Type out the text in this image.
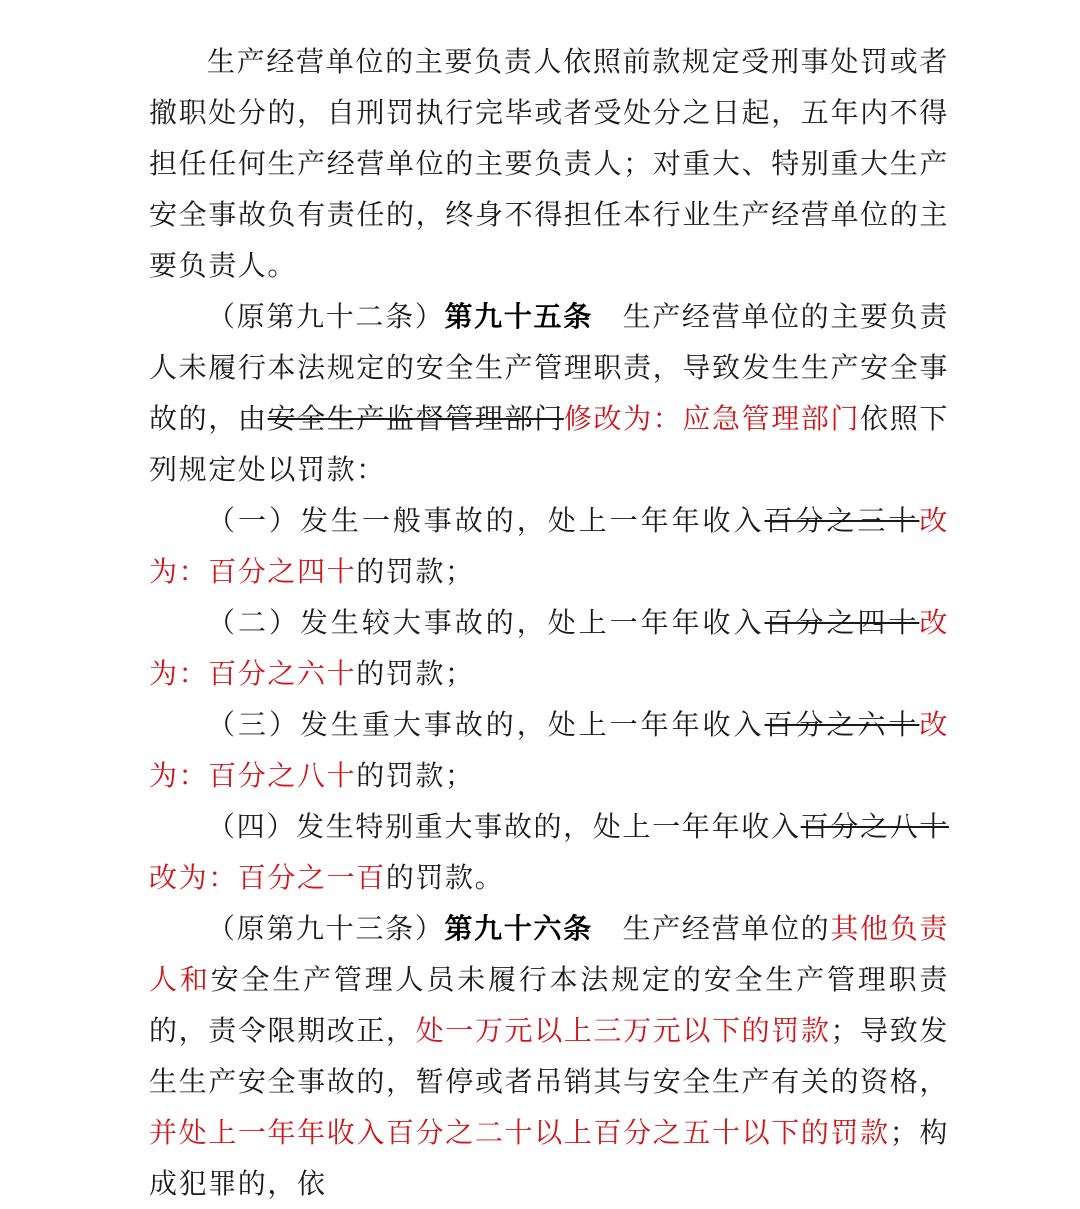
生产经营单位的主要负责人依照前款规定受刑事处罚或者撤职处分的，自刑罚执行完毕或者受处分之日起，五年内不得担任任何生产经营单位的主要负责人；对重大、特别重大生产安全事故负有责任的，终身不得担任本行业生产经营单位的主要负责人。

（原第九十二条）第九十五条　生产经营单位的主要负责人未履行本法规定的安全生产管理职责，导致发生生产安全事故的，由安全生产监督管理部门修改为：应急管理部门依照下列规定处以罚款：

（一）发生一般事故的，处上一年年收入百分之三十改为：百分之四十的罚款；

（二）发生较大事故的，处上一年年收入百分之四十改为：百分之六十的罚款；

（三）发生重大事故的，处上一年年收入百分之六十改为：百分之八十的罚款；

（四）发生特别重大事故的，处上一年年收入百分之八十改为：百分之一百的罚款。

（原第九十三条）第九十六条　生产经营单位的其他负责人和安全生产管理人员未履行本法规定的安全生产管理职责的，责令限期改正，处一万元以上三万元以下的罚款；导致发生生产安全事故的，暂停或者吊销其与安全生产有关的资格，并处上一年年收入百分之二十以上百分之五十以下的罚款；构成犯罪的，依
